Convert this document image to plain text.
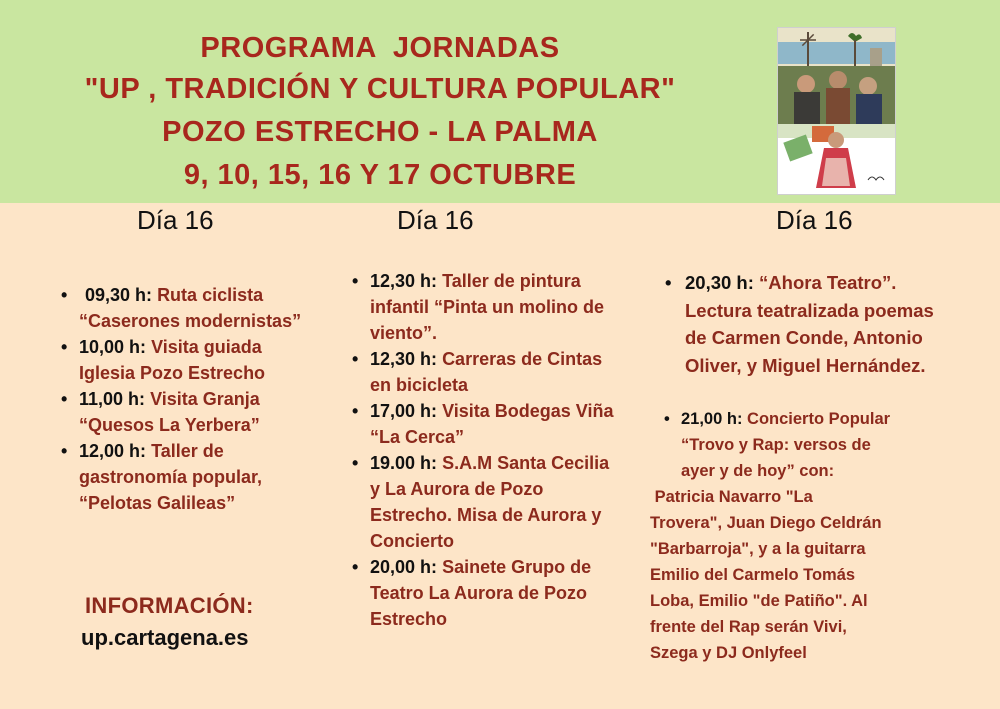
PROGRAMA  JORNADAS
"UP , TRADICIÓN Y CULTURA POPULAR"
POZO ESTRECHO - LA PALMA
9, 10, 15, 16 Y 17 OCTUBRE
Día 16	Día 16	Día 16
• 09,30 h: Ruta ciclista “Caserones modernistas”
• 10,00 h: Visita guiada Iglesia Pozo Estrecho
• 11,00 h: Visita Granja “Quesos La Yerbera”
• 12,00 h: Taller de gastronomía popular, “Pelotas Galileas”
INFORMACIÓN:
up.cartagena.es
• 12,30 h: Taller de pintura infantil “Pinta un molino de viento”.
• 12,30 h: Carreras de Cintas en bicicleta
• 17,00 h: Visita Bodegas Viña “La Cerca”
• 19.00 h: S.A.M Santa Cecilia y La Aurora de Pozo Estrecho. Misa de Aurora y Concierto
• 20,00 h: Sainete Grupo de Teatro La Aurora de Pozo Estrecho
• 20,30 h: “Ahora Teatro”. Lectura teatralizada poemas de Carmen Conde, Antonio Oliver, y Miguel Hernández.
• 21,00 h: Concierto Popular
“Trovo y Rap: versos de
ayer y de hoy” con:
Patricia Navarro "La
Trovera", Juan Diego Celdrán
"Barbarroja", y a la guitarra
Emilio del Carmelo Tomás
Loba, Emilio "de Patiño". Al
frente del Rap serán Vivi,
Szega y DJ Onlyfeel
